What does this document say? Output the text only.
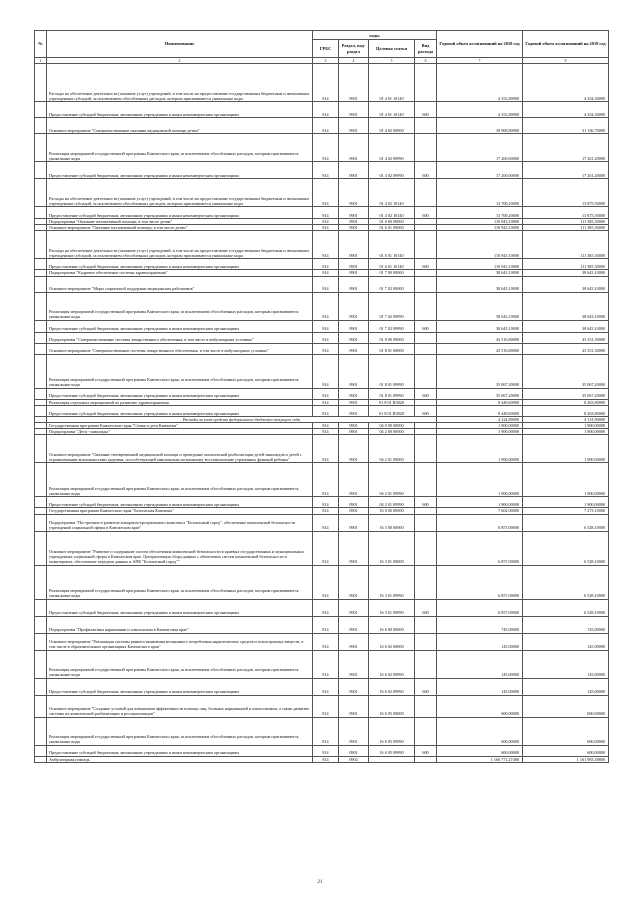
№	Наименование	коды				Годовой объем ассигнований на 2018 год	Годовой объем ассигнований на 2019 год
		ГРБС	Раздел, под-раздел	Целевая статья	Вид расхода		
1	2	3	4	5	6	7	8
	Расходы на обеспечение деятельности (оказание услуг) учреждений, в том числе на предоставление государственным бюджетным и автономным учреждениям субсидий, за исключением обособленных расходов, которым присваиваются уникальные коды	814	0901	01 4 01 10140		4 352,80000	4 354,30000
	Предоставление субсидий бюджетным, автономным учреждениям и иным некоммерческим организациям	814	0901	01 4 01 10140	600	4 352,80000	4 354,30000
	Основное мероприятие "Совершенствование оказания медицинской помощи детям"	814	0901	01 4 02 00000		39 900,80000	31 136,70000
	Реализация мероприятий государственной программы Камчатского края, за исключением обособленных расходов, которым присваиваются уникальные коды	814	0901	01 4 02 09990		17 200,60000	17 261,20000
	Предоставление субсидий бюджетным, автономным учреждениям и иным некоммерческим организациям	814	0901	01 4 02 09990	600	17 200,60000	17 261,20000
	Расходы на обеспечение деятельности (оказание услуг) учреждений, в том числе на предоставление государственным бюджетным и автономным учреждениям субсидий, за исключением обособленных расходов, которым присваиваются уникальные коды	814	0901	01 4 02 10140		13 700,20000	13 875,50000
	Предоставление субсидий бюджетным, автономным учреждениям и иным некоммерческим организациям	814	0901	01 4 02 10140	600	13 700,20000	13 875,50000
	Подпрограмма "Оказание паллиативной помощи, в том числе детям"	814	0901	01 6 00 00000		110 943,10000	111 385,30000
	Основное мероприятие "Оказание паллиативной помощи, в том числе детям"	814	0901	01 6 01 00000		110 943,10000	111 385,30000
	Расходы на обеспечение деятельности (оказание услуг) учреждений, в том числе на предоставление государственным бюджетным и автономным учреждениям субсидий, за исключением обособленных расходов, которым присваиваются уникальные коды	814	0901	01 6 01 10140		110 943,10000	111 385,30000
	Предоставление субсидий бюджетным, автономным учреждениям и иным некоммерческим организациям	814	0901	01 6 01 10140	600	110 943,10000	111 385,30000
	Подпрограмма "Кадровое обеспечение системы здравоохранения"	814	0901	01 7 00 00000		38 643,10000	38 643,10000
	Основное мероприятие "Меры социальной поддержки медицинских работников"	814	0901	01 7 02 00000		38 643,10000	38 643,10000
	Реализация мероприятий государственной программы Камчатского края, за исключением обособленных расходов, которым присваиваются уникальные коды	814	0901	01 7 02 09990		38 643,10000	38 643,10000
	Предоставление субсидий бюджетным, автономным учреждениям и иным некоммерческим организациям	814	0901	01 7 02 09990	600	38 643,10000	38 643,10000
	Подпрограмма "Совершенствование системы лекарственного обеспечения, в том числе в амбулаторных условиях"	814	0901	01 8 00 00000		43 516,80000	43 331,30000
	Основное мероприятие "Совершенствование системы лекарственного обеспечения, в том числе в амбулаторных условиях"	814	0901	01 8 01 00000		43 516,80000	43 331,30000
	Реализация мероприятий государственной программы Камчатского края, за исключением обособленных расходов, которым присваиваются уникальные коды	814	0901	01 8 01 09990		35 067,20000	35 067,20000
	Предоставление субсидий бюджетным, автономным учреждениям и иным некоммерческим организациям	814	0901	01 8 01 09990	600	35 067,20000	35 067,20000
	Реализация отдельных мероприятий по развитию здравоохранения	814	0901	01 8 01 R3820		8 449,60000	8 263,80000
	Предоставление субсидий бюджетным, автономным учреждениям и иным некоммерческим организациям	814	0901	01 8 01 R3820	600	8 449,60000	8 263,80000
	Расходы за счет средств федерального бюджета текущего года					4 224,80000	4 131,90000
	Государственная программа Камчатского края "Семья и дети Камчатки"	814	0901	04 0 00 00000		1 900,00000	1 900,00000
	Подпрограмма "Дети - инвалиды"	814	0901	04 2 00 00000		1 900,00000	1 900,00000
	Основное мероприятие "Оказание своевременной медицинской помощи и проведение комплексной реабилитации детей-инвалидов и детей с ограниченными возможностями здоровья, способствующей максимально возможному восстановлению утраченных функций ребенка"	814	0901	04 2 01 00000		1 900,00000	1 900,00000
	Реализация мероприятий государственной программы Камчатского края, за исключением обособленных расходов, которым присваиваются уникальные коды	814	0901	04 2 01 09990		1 900,00000	1 900,00000
	Предоставление субсидий бюджетным, автономным учреждениям и иным некоммерческим организациям	814	0901	04 2 01 09990	600	1 900,00000	1 900,00000
	Государственная программа Камчатского края "Безопасная Камчатка"	814	0901	16 0 00 00000		7 602,00000	7 273,10000
	Подпрограмма "Построение и развитие аппаратно-программного комплекса "Безопасный город", обеспечение комплексной безопасности учреждений социальной сферы в Камчатском крае"	814	0901	16 3 00 00000		6 857,00000	6 528,10000
	Основное мероприятие "Развитие и содержание систем обеспечения комплексной безопасности в краевых государственных и муниципальных учреждениях социальной сферы в Камчатском крае. Централизация сбора данных с объектовых систем комплексной безопасности и мониторинга, обеспечение передачи данных в АПК "Безопасный город""	814	0901	16 3 01 00000		6 857,00000	6 528,10000
	Реализация мероприятий государственной программы Камчатского края, за исключением обособленных расходов, которым присваиваются уникальные коды	814	0901	16 3 01 09990		6 857,00000	6 528,10000
	Предоставление субсидий бюджетным, автономным учреждениям и иным некоммерческим организациям	814	0901	16 3 01 09990	600	6 857,00000	6 528,10000
	Подпрограмма "Профилактика наркомании и алкоголизма в Камчатском крае"	814	0901	16 6 00 00000		745,00000	745,00000
	Основное мероприятие "Реализация системы раннего выявления незаконного потребления наркотических средств и психотропных веществ, в том числе в образовательных организациях Камчатского края"	814	0901	16 6 02 00000		145,00000	145,00000
	Реализация мероприятий государственной программы Камчатского края, за исключением обособленных расходов, которым присваиваются уникальные коды	814	0901	16 6 02 09990		145,00000	145,00000
	Предоставление субсидий бюджетным, автономным учреждениям и иным некоммерческим организациям	814	0901	16 6 02 09990	600	145,00000	145,00000
	Основное мероприятие "Создание условий для повышения эффективности помощи лиц, больных наркоманией и алкоголизмом, а также развитие системы их комплексной реабилитации и ресоциализации"	814	0901	16 6 05 00000		600,00000	600,00000
	Реализация мероприятий государственной программы Камчатского края, за исключением обособленных расходов, которым присваиваются уникальные коды	814	0901	16 6 05 09990		600,00000	600,00000
	Предоставление субсидий бюджетным, автономным учреждениям и иным некоммерческим организациям	814	0901	16 6 05 09990	600	600,00000	600,00000
	Амбулаторная помощь	814	0902			1 160 771,27400	1 161 983,38800
21
